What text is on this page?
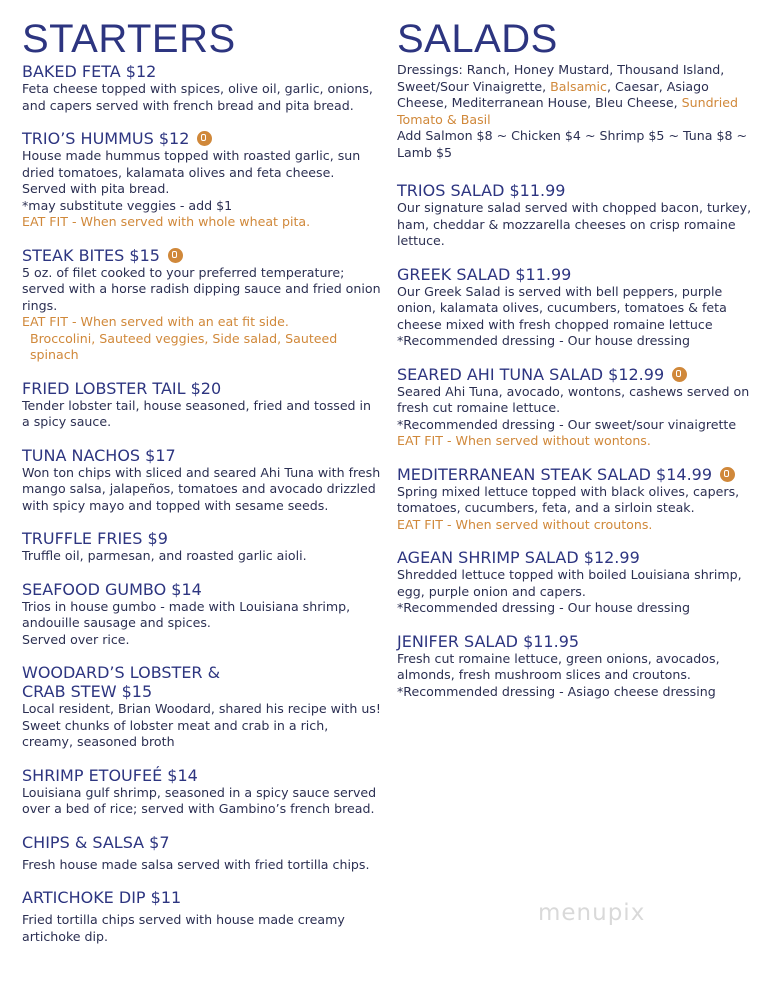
STARTERS
BAKED FETA $12
Feta cheese topped with spices, olive oil, garlic, onions, and capers served with french bread and pita bread.
TRIO’S HUMMUS $12
House made hummus topped with roasted garlic, sun dried tomatoes, kalamata olives and feta cheese. Served with pita bread.
*may substitute veggies - add $1
EAT FIT - When served with whole wheat pita.
STEAK BITES $15
5 oz. of filet cooked to your preferred temperature; served with a horse radish dipping sauce and fried onion rings.
EAT FIT - When served with an eat fit side.
Broccolini, Sauteed veggies, Side salad, Sauteed spinach
FRIED LOBSTER TAIL $20
Tender lobster tail, house seasoned, fried and tossed in a spicy sauce.
TUNA NACHOS $17
Won ton chips with sliced and seared Ahi Tuna with fresh mango salsa, jalapeños, tomatoes and avocado drizzled with spicy mayo and topped with sesame seeds.
TRUFFLE FRIES $9
Truffle oil, parmesan, and roasted garlic aioli.
SEAFOOD GUMBO $14
Trios in house gumbo - made with Louisiana shrimp, andouille sausage and spices.
Served over rice.
WOODARD’S LOBSTER &
CRAB STEW $15
Local resident, Brian Woodard, shared his recipe with us! Sweet chunks of lobster meat and crab in a rich, creamy, seasoned broth
SHRIMP ETOUFEÉ $14
Louisiana gulf shrimp, seasoned in a spicy sauce served over a bed of rice; served with Gambino’s french bread.
CHIPS & SALSA $7
Fresh house made salsa served with fried tortilla chips.
ARTICHOKE DIP $11
Fried tortilla chips served with house made creamy artichoke dip.
SALADS
Dressings: Ranch, Honey Mustard, Thousand Island, Sweet/Sour Vinaigrette, Balsamic, Caesar, Asiago Cheese, Mediterranean House, Bleu Cheese, Sundried Tomato & Basil
Add Salmon $8 ~ Chicken $4 ~ Shrimp $5 ~ Tuna $8 ~ Lamb $5
TRIOS SALAD $11.99
Our signature salad served with chopped bacon, turkey, ham, cheddar & mozzarella cheeses on crisp romaine lettuce.
GREEK SALAD $11.99
Our Greek Salad is served with bell peppers, purple onion, kalamata olives, cucumbers, tomatoes & feta cheese mixed with fresh chopped romaine lettuce
*Recommended dressing - Our house dressing
SEARED AHI TUNA SALAD $12.99
Seared Ahi Tuna, avocado, wontons, cashews served on fresh cut romaine lettuce.
*Recommended dressing - Our sweet/sour vinaigrette
EAT FIT - When served without wontons.
MEDITERRANEAN STEAK SALAD $14.99
Spring mixed lettuce topped with black olives, capers, tomatoes, cucumbers, feta, and a sirloin steak.
EAT FIT - When served without croutons.
AGEAN SHRIMP SALAD $12.99
Shredded lettuce topped with boiled Louisiana shrimp, egg, purple onion and capers.
*Recommended dressing - Our house dressing
JENIFER SALAD $11.95
Fresh cut romaine lettuce, green onions, avocados, almonds, fresh mushroom slices and croutons.
*Recommended dressing - Asiago cheese dressing
menupix
